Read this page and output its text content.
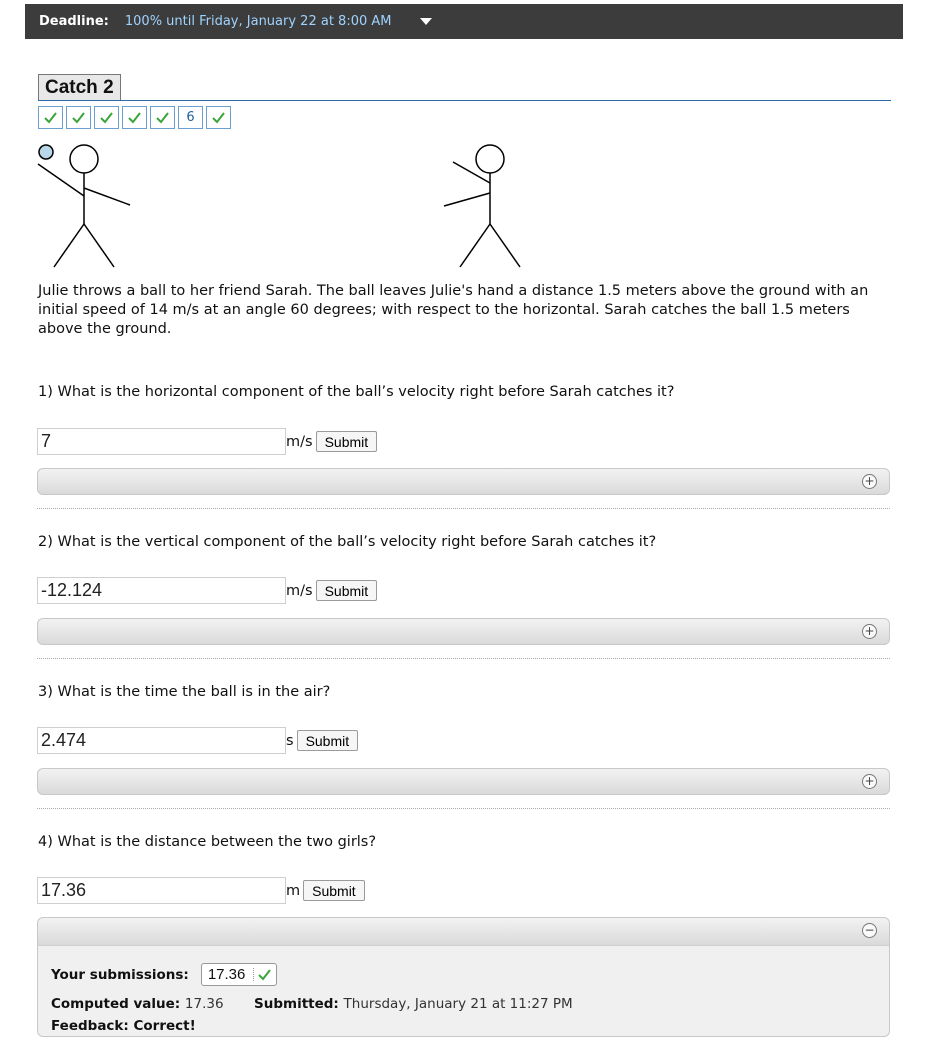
Deadline: 100% until Friday, January 22 at 8:00 AM
Catch 2
6
Julie throws a ball to her friend Sarah. The ball leaves Julie's hand a distance 1.5 meters above the ground with an initial speed of 14 m/s at an angle 60 degrees; with respect to the horizontal. Sarah catches the ball 1.5 meters above the ground.
1) What is the horizontal component of the ball’s velocity right before Sarah catches it?
7
m/s Submit
+
2) What is the vertical component of the ball’s velocity right before Sarah catches it?
-12.124
m/s Submit
+
3) What is the time the ball is in the air?
2.474
s Submit
+
4) What is the distance between the two girls?
17.36
m Submit
−
Your submissions: 17.36
Computed value: 17.36	Submitted: Thursday, January 21 at 11:27 PM
Feedback: Correct!
